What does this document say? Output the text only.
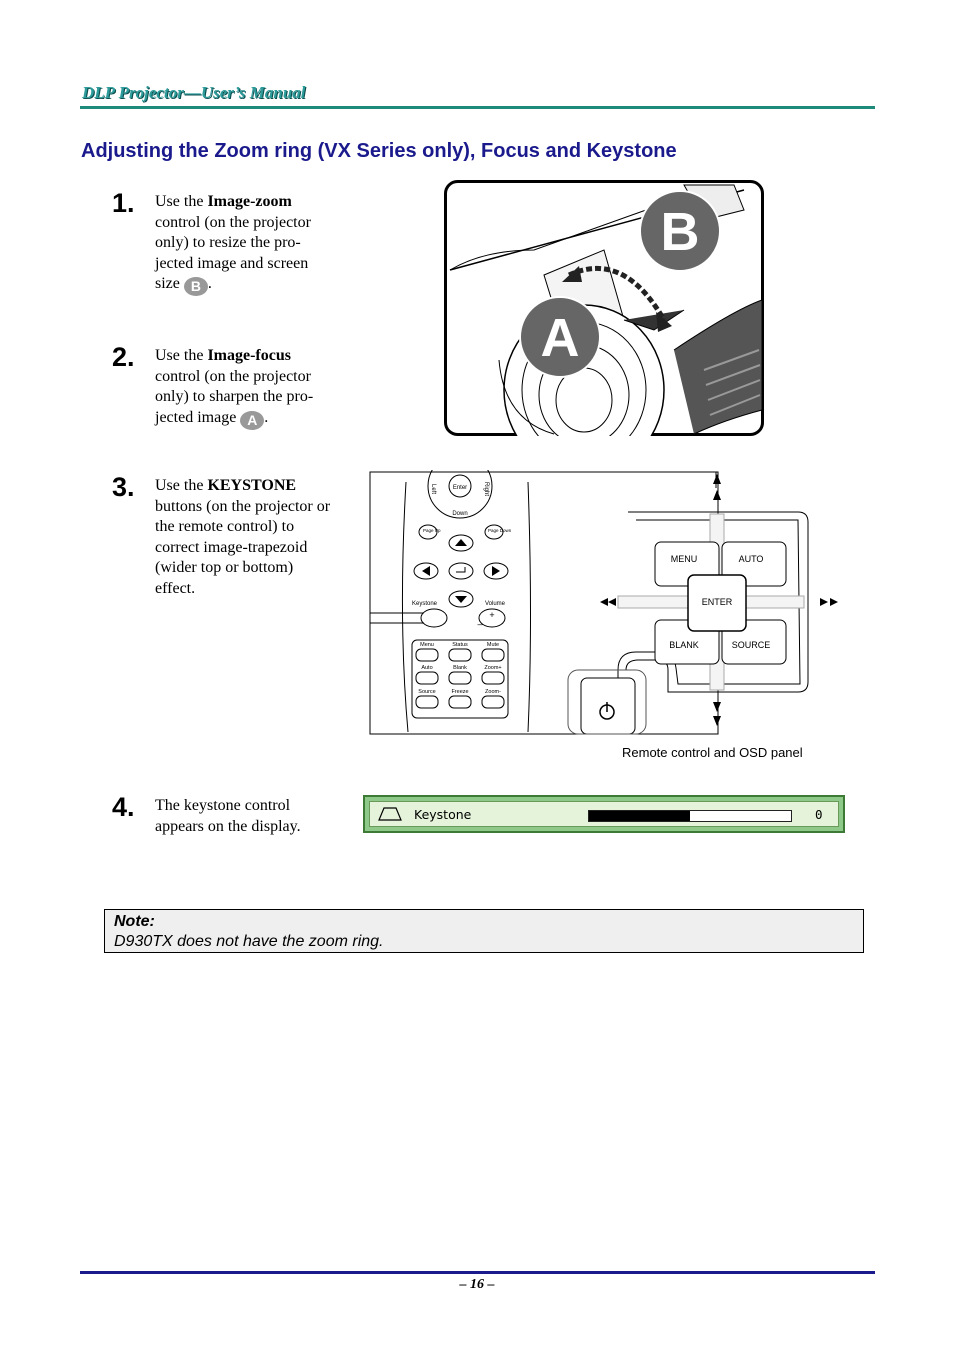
DLP Projector—User’s Manual
Adjusting the Zoom ring (VX Series only), Focus and Keystone
1.	Use the Image-zoom control (on the projector only) to resize the pro-jected image and screen size B .
2.	Use the Image-focus control (on the projector only) to sharpen the pro-jected image A .
3.	Use the KEYSTONE buttons (on the projector or the remote control) to correct image-trapezoid (wider top or bottom) effect.
4.	The keystone control appears on the display.
B
A
Enter
Down
Left	Right
Page Up	Page Down
Keystone	Volume
+
–
Menu	Status	Mute
Auto	Blank	Zoom+
Source	Freeze	Zoom-
MENU	AUTO
ENTER
BLANK	SOURCE
Remote control and OSD panel
Keystone	0
Note:
D930TX does not have the zoom ring.
– 16 –
